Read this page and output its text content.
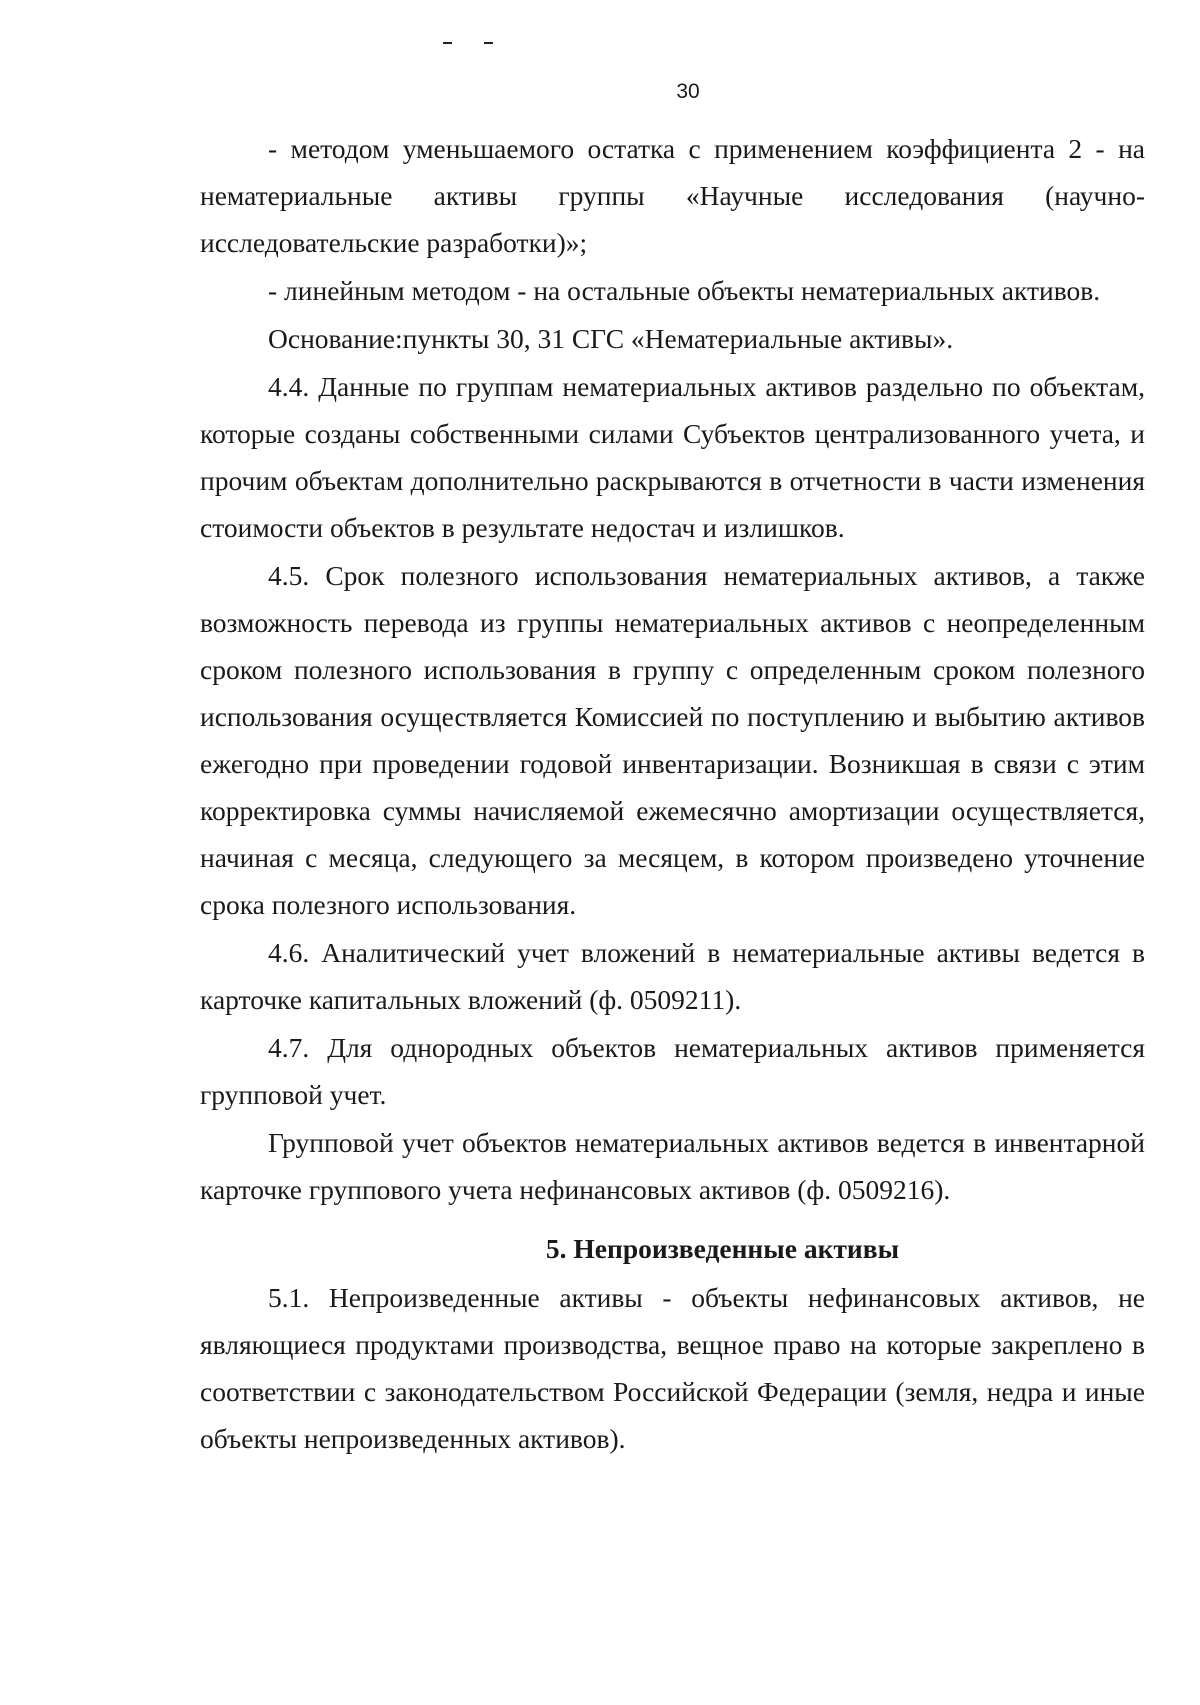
30

- методом уменьшаемого остатка с применением коэффициента 2 - на нематериальные активы группы «Научные исследования (научно-исследовательские разработки)»;

- линейным методом - на остальные объекты нематериальных активов.

Основание:пункты 30, 31 СГС «Нематериальные активы».

4.4. Данные по группам нематериальных активов раздельно по объектам, которые созданы собственными силами Субъектов централизованного учета, и прочим объектам дополнительно раскрываются в отчетности в части изменения стоимости объектов в результате недостач и излишков.

4.5. Срок полезного использования нематериальных активов, а также возможность перевода из группы нематериальных активов с неопределенным сроком полезного использования в группу с определенным сроком полезного использования осуществляется Комиссией по поступлению и выбытию активов ежегодно при проведении годовой инвентаризации. Возникшая в связи с этим корректировка суммы начисляемой ежемесячно амортизации осуществляется, начиная с месяца, следующего за месяцем, в котором произведено уточнение срока полезного использования.

4.6. Аналитический учет вложений в нематериальные активы ведется в карточке капитальных вложений (ф. 0509211).

4.7. Для однородных объектов нематериальных активов применяется групповой учет.

Групповой учет объектов нематериальных активов ведется в инвентарной карточке группового учета нефинансовых активов (ф. 0509216).

5. Непроизведенные активы

5.1. Непроизведенные активы - объекты нефинансовых активов, не являющиеся продуктами производства, вещное право на которые закреплено в соответствии с законодательством Российской Федерации (земля, недра и иные объекты непроизведенных активов).
